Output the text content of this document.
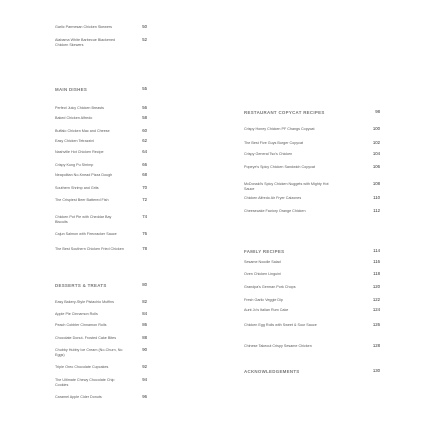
Garlic Parmesan Chicken Skewers	50
Alabama White Barbecue Blackened Chicken Skewers
52
MAIN DISHES	55
Perfect Juicy Chicken Breasts	56
Baked Chicken Alfredo	58
Buffalo Chicken Mac and Cheese	60
Easy Chicken Tetrazzini	62
Nashville Hot Chicken Recipe	64
Crispy Kung Pu Shrimp	66
Neapolitan No-Knead Pizza Dough	68
Southern Shrimp and Grits	70
The Crispiest Beer Battered Fish	72
Chicken Pot Pie with Cheddar Bay Biscuits
74
Cajun Salmon with Firecracker Sauce	76
The Best Southern Chicken Fried Chicken	78
DESSERTS & TREATS	80
Easy Bakery-Style Pistachio Muffins	82
Apple Pie Cinnamon Rolls	84
Peach Cobbler Cinnamon Rolls	86
Chocolate Donut- Frosted Cake Bites	88
Chubby Hubby Ice Cream (No-Churn, No Eggs)
90
Triple Oreo Chocolate Cupcakes	92
The Ultimate Chewy Chocolate Chip Cookies
94
Caramel Apple Cider Donuts	96
RESTAURANT COPYCAT RECIPES	98
Crispy Honey Chicken PF Changs Copycat	100
The Best Five Guys Burger Copycat	102
Crispy General Tso's Chicken	104
Popeye's Spicy Chicken Sandwich Copycat	106
McDonald's Spicy Chicken Nuggets with Mighty Hot Sauce
108
Chicken Alfredo Air Fryer Calzones	110
Cheesecake Factory Orange Chicken	112
FAMILY RECIPES	114
Sesame Noodle Salad	116
Oven Chicken Linguini	118
Grandpa's German Pork Chops	120
Fresh Garlic Veggie Dip	122
Aunt Jo's Italian Rum Cake	124
Chicken Egg Rolls with Sweet & Sour Sauce	126
Chinese Takeout Crispy Sesame Chicken	128
ACKNOWLEDGEMENTS	130
